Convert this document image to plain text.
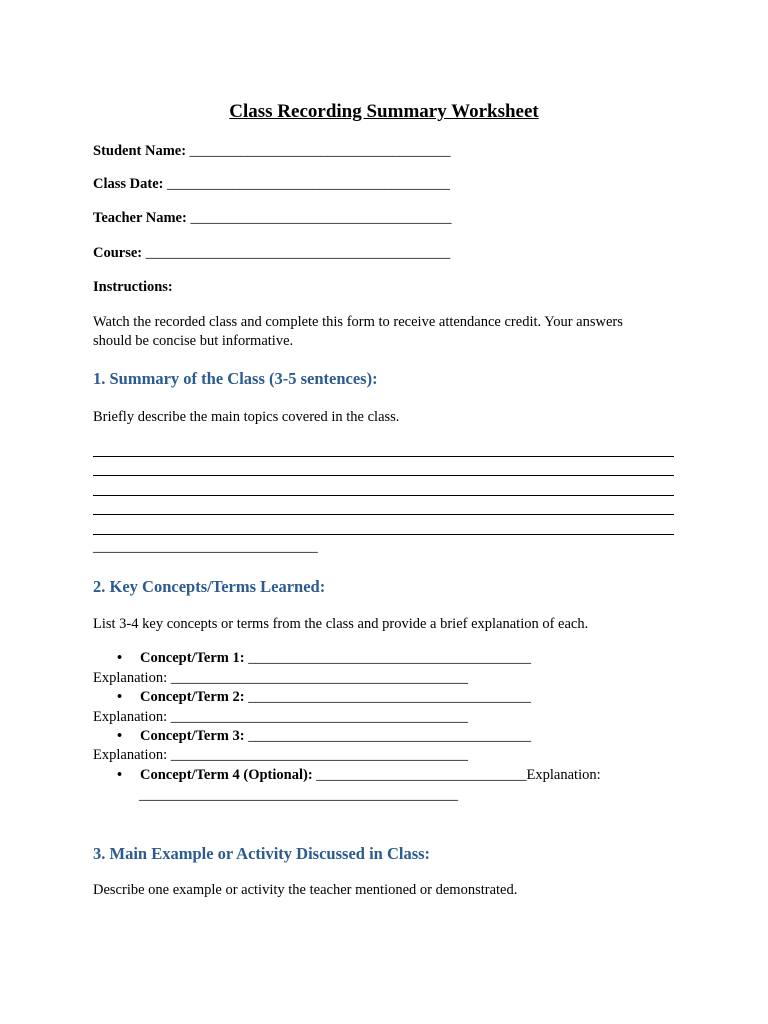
Class Recording Summary Worksheet
Student Name: ____________________________________
Class Date: _______________________________________
Teacher Name: ____________________________________
Course: __________________________________________
Instructions:
Watch the recorded class and complete this form to receive attendance credit. Your answers
should be concise but informative.
1. Summary of the Class (3-5 sentences):
Briefly describe the main topics covered in the class.
_______________________________
2. Key Concepts/Terms Learned:
List 3-4 key concepts or terms from the class and provide a brief explanation of each.
• Concept/Term 1: _______________________________________
Explanation: _________________________________________
• Concept/Term 2: _______________________________________
Explanation: _________________________________________
• Concept/Term 3: _______________________________________
Explanation: _________________________________________
• Concept/Term 4 (Optional): _____________________________Explanation:
____________________________________________
3. Main Example or Activity Discussed in Class:
Describe one example or activity the teacher mentioned or demonstrated.
